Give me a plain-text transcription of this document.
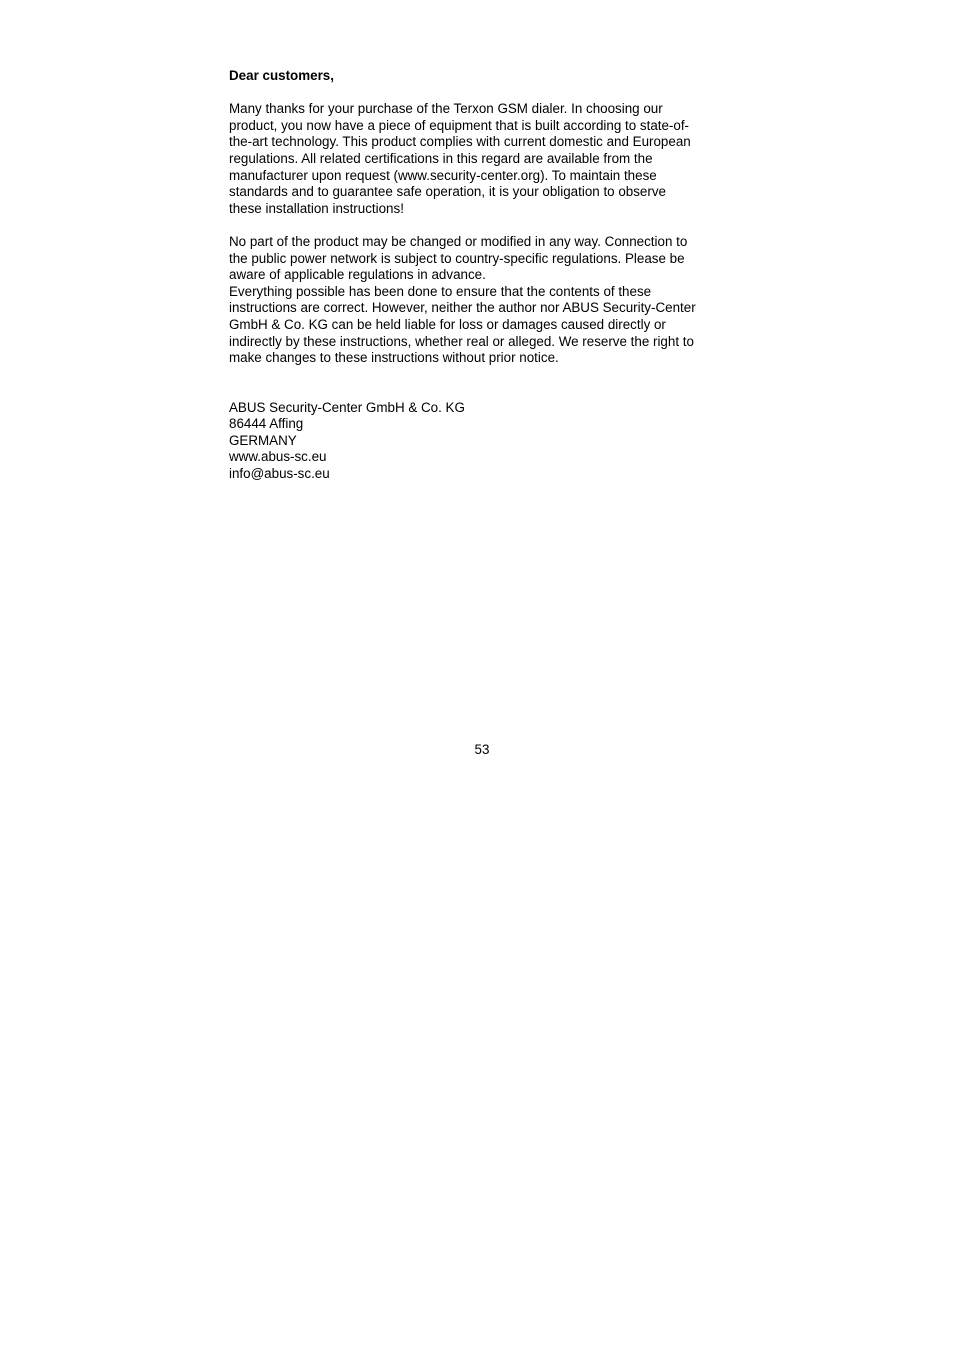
Dear customers,
Many thanks for your purchase of the Terxon GSM dialer. In choosing our
product, you now have a piece of equipment that is built according to state-of-
the-art technology. This product complies with current domestic and European
regulations. All related certifications in this regard are available from the
manufacturer upon request (www.security-center.org). To maintain these
standards and to guarantee safe operation, it is your obligation to observe
these installation instructions!
No part of the product may be changed or modified in any way. Connection to
the public power network is subject to country-specific regulations. Please be
aware of applicable regulations in advance.
Everything possible has been done to ensure that the contents of these
instructions are correct. However, neither the author nor ABUS Security-Center
GmbH & Co. KG can be held liable for loss or damages caused directly or
indirectly by these instructions, whether real or alleged. We reserve the right to
make changes to these instructions without prior notice.
ABUS Security-Center GmbH & Co. KG
86444 Affing
GERMANY
www.abus-sc.eu
info@abus-sc.eu
53
